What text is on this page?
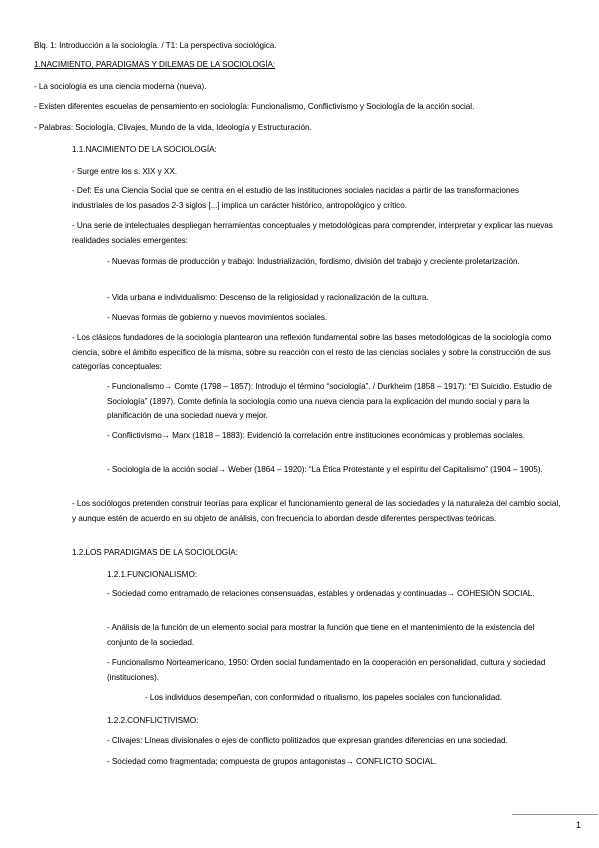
Blq. 1: Introducción a la sociología. / T1: La perspectiva sociológica.
1.NACIMIENTO, PARADIGMAS Y DILEMAS DE LA SOCIOLOGÍA:
- La sociología es una ciencia moderna (nueva).
- Existen diferentes escuelas de pensamiento en sociología: Funcionalismo, Conflictivismo y Sociología de la acción social.
- Palabras: Sociología, Clivajes, Mundo de la vida, Ideología y Estructuración.
1.1.NACIMIENTO DE LA SOCIOLOGÍA:
- Surge entre los s. XIX y XX.
- Def: Es una Ciencia Social que se centra en el estudio de las instituciones sociales nacidas a partir de las transformaciones industriales de los pasados 2-3 siglos [...] implica un carácter histórico, antropológico y crítico.
- Una serie de intelectuales despliegan herramientas conceptuales y metodológicas para comprender, interpretar y explicar las nuevas realidades sociales emergentes:
- Nuevas formas de producción y trabajo: Industrialización, fordismo, división del trabajo y creciente proletarización.
- Vida urbana e individualismo: Descenso de la religiosidad y racionalización de la cultura.
- Nuevas formas de gobierno y nuevos movimientos sociales.
- Los clásicos fundadores de la sociología plantearon una reflexión fundamental sobre las bases metodológicas de la sociología como ciencia, sobre el ámbito específico de la misma, sobre su reacción con el resto de las ciencias sociales y sobre la construcción de sus categorías conceptuales:
- Funcionalismo→ Comte (1798 – 1857): Introdujo el término “sociología”. / Durkheim (1858 – 1917): “El Suicidio. Estudio de Sociología” (1897). Comte definía la sociología como una nueva ciencia para la explicación del mundo social y para la planificación de una sociedad nueva y mejor.
- Conflictivismo→ Marx (1818 – 1883): Evidenció la correlación entre instituciones económicas y problemas sociales.
- Sociología de la acción social→ Weber (1864 – 1920): “La Ética Protestante y el espíritu del Capitalismo” (1904 – 1905).
- Los sociólogos pretenden construir teorías para explicar el funcionamiento general de las sociedades y la naturaleza del cambio social, y aunque estén de acuerdo en su objeto de análisis, con frecuencia lo abordan desde diferentes perspectivas teóricas.
1.2.LOS PARADIGMAS DE LA SOCIOLOGÍA:
1.2.1.FUNCIONALISMO:
- Sociedad como entramado de relaciones consensuadas, estables y ordenadas y continuadas→ COHESIÓN SOCIAL.
- Análisis de la función de un elemento social para mostrar la función que tiene en el mantenimiento de la existencia del conjunto de la sociedad.
- Funcionalismo Norteamericano, 1950: Orden social fundamentado en la cooperación en personalidad, cultura y sociedad (instituciones).
- Los individuos desempeñan, con conformidad o ritualismo, los papeles sociales con funcionalidad.
1.2.2.CONFLICTIVISMO:
- Clivajes: Líneas divisionales o ejes de conflicto politizados que expresan grandes diferencias en una sociedad.
- Sociedad como fragmentada; compuesta de grupos antagonistas→ CONFLICTO SOCIAL.
1
